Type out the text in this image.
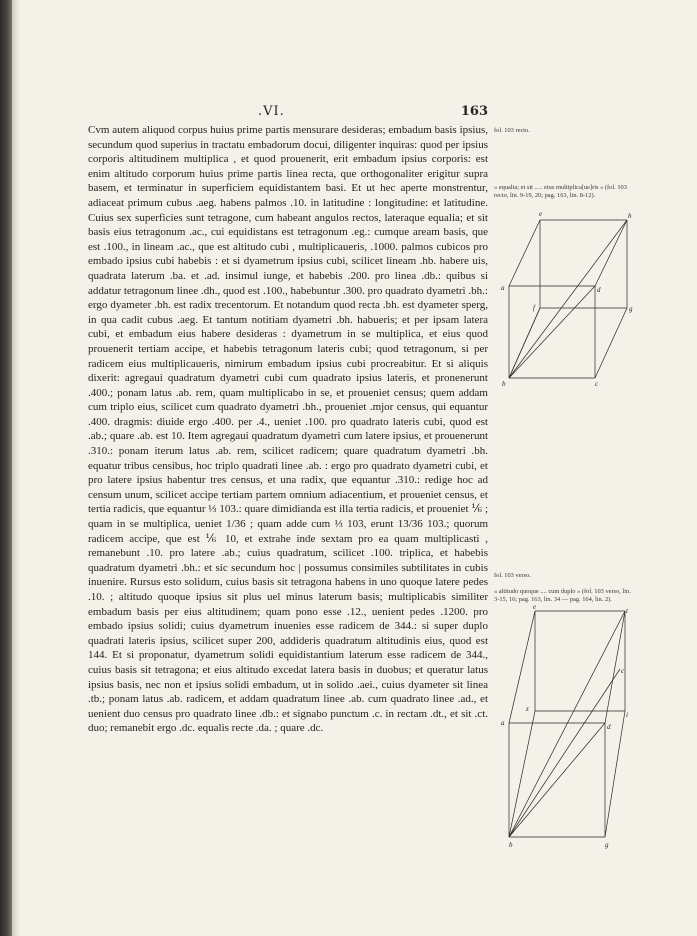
.VI.	163

Cvm autem aliquod corpus huius prime partis mensurare desideras; embadum basis ipsius, secundum quod superius in tractatu embadorum docui, diligenter inquiras: quod per ipsius corporis altitudinem multiplica , et quod prouenerit, erit embadum ipsius corporis: est enim altitudo corporum huius prime partis linea recta, que orthogonaliter erigitur supra basem, et terminatur in superficiem equidistantem basi. Et ut hec aperte monstrentur, adiaceat primum cubus .aeg. habens palmos .10. in latitudine : longitudine: et latitudine. Cuius sex superficies sunt tetragone, cum habeant angulos rectos, lateraque equalia; et sit basis eius tetragonum .ac., cui equidistans est tetragonum .eg.: cumque aream basis, que est .100., in lineam .ac., que est altitudo cubi , multiplicaueris, .1000. palmos cubicos pro embado ipsius cubi habebis : et si dyametrum ipsius cubi, scilicet lineam .hb. habere uis, quadrata laterum .ba. et .ad. insimul iunge, et habebis .200. pro linea .db.: quibus si addatur tetragonum linee .dh., quod est .100., habebuntur .300. pro quadrato dyametri .bh.: ergo dyameter .bh. est radix trecentorum. Et notandum quod recta .bh. est dyameter sperg, in qua cadit cubus .aeg. Et tantum notitiam dyametri .bh. habueris; et per ipsam latera cubi, et embadum eius habere desideras : dyametrum in se multiplica, et eius quod prouenerit tertiam accipe, et habebis tetragonum lateris cubi; quod tetragonum, si per radicem eius multiplicaueris, nimirum embadum ipsius cubi procreabitur. Et si aliquis dixerit: agregaui quadratum dyametri cubi cum quadrato ipsius lateris, et pronenerunt .400.; ponam latus .ab. rem, quam multiplicabo in se, et proueniet census; quem addam cum triplo eius, scilicet cum quadrato dyametri .bh., proueniet .mjor census, qui equantur .400. dragmis: diuide ergo .400. per .4., ueniet .100. pro quadrato lateris cubi, quod est .ab.; quare .ab. est 10. Item agregaui quadratum dyametri cum latere ipsius, et prouenerunt .310.: ponam iterum latus .ab. rem, scilicet radicem; quare quadratum dyametri .bh. equatur tribus censibus, hoc triplo quadrati linee .ab. : ergo pro quadrato dyametri cubi, et pro latere ipsius habentur tres census, et una radix, que equantur .310.: redige hoc ad censum unum, scilicet accipe tertiam partem omnium adiacentium, et proueniet census, et tertia radicis, que equantur ⅓ 103.: quare dimidianda est illa tertia radicis, et proueniet ⅙ ; quam in se multiplica, ueniet 1/36 ; quam adde cum ⅓ 103, erunt 13/36 103.; quorum radicem accipe, que est ⅙ 10, et extrahe inde sextam pro ea quam multiplicasti , remanebunt .10. pro latere .ab.; cuius quadratum, scilicet .100. triplica, et habebis quadratum dyametri .bh.: et sic secundum hoc | possumus consimiles subtilitates in cubis inuenire. Rursus esto solidum, cuius basis sit tetragona habens in uno quoque latere pedes .10. ; altitudo quoque ipsius sit plus uel minus laterum basis; multiplicabis similiter embadum basis per eius altitudinem; quam pono esse .12., uenient pedes .1200. pro embado ipsius solidi; cuius dyametrum inuenies esse radicem de 344.: si super duplo quadrati lateris ipsius, scilicet super 200, addideris quadratum altitudinis eius, quod est 144. Et si proponatur, dyametrum solidi equidistantium laterum esse radicem de 344., cuius basis sit tetragona; et eius altitudo excedat latera basis in duobus; et queratur latus ipsius basis, nec non et ipsius solidi embadum, ut in solido .aei., cuius dyameter sit linea .tb.; ponam latus .ab. radicem, et addam quadratum linee .ab. cum quadrato linee .ad., et uenient duo census pro quadrato linee .db.: et signabo punctum .c. in rectam .dt., et sit .ct. duo; remanebit ergo .dc. equalis recte .da. ; quare .dc.

fol. 103 recto.
« equalia; et sit ..... eius multiplica[ue]ris » (fol. 103 recto, lin. 9-19, 20; pag. 163, lin. 8-12).
fol. 103 verso.
« altitudo quoque .... cum duplo » (fol. 103 verso, lin. 3-15, 16; pag. 163, lin. 34 — pag. 164, lin. 2).
e	h
a	d
f	g
b	c
e	t
c
a
z
d
i
b	g
